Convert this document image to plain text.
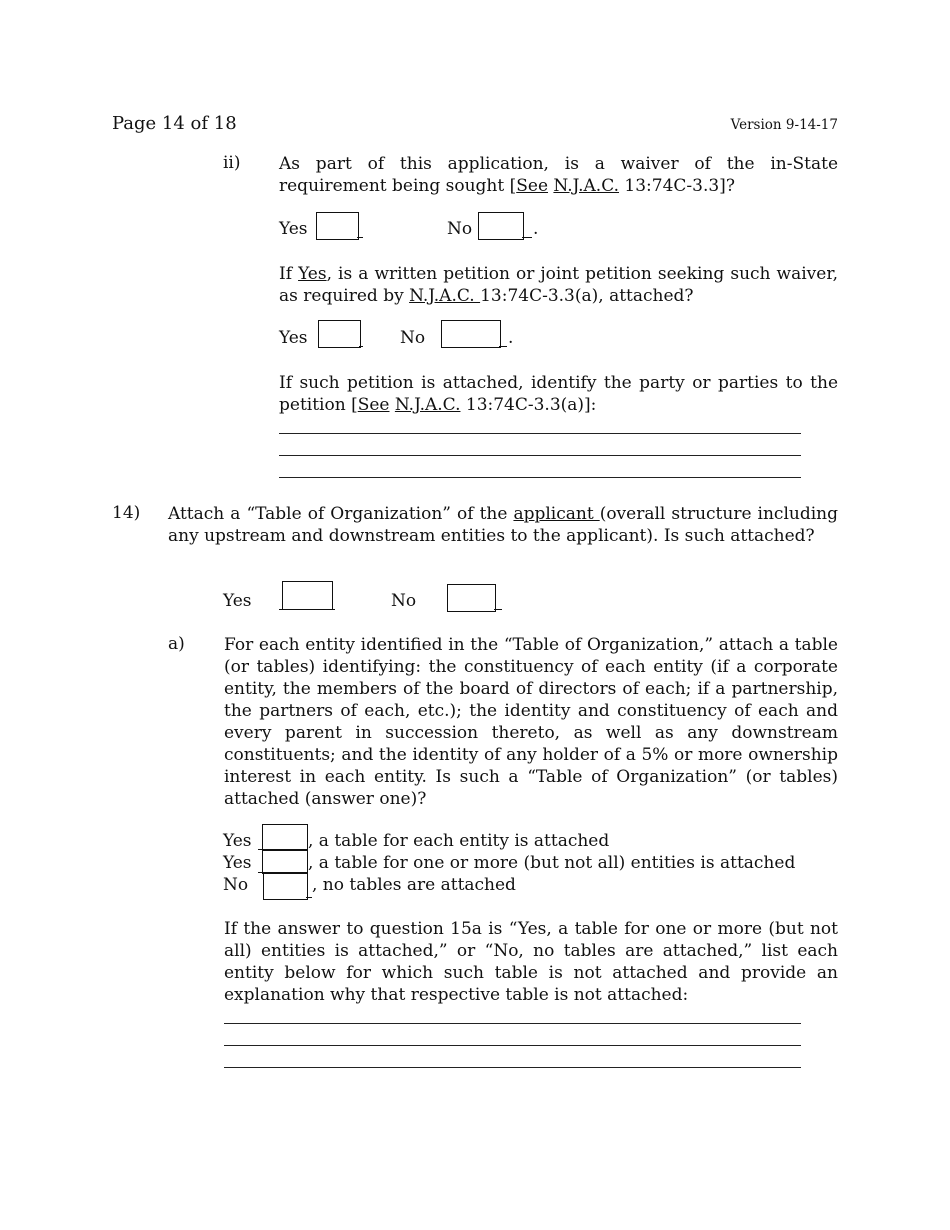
Page 14 of 18	Version 9-14-17
ii) As part of this application, is a waiver of the in-State requirement being sought [See N.J.A.C. 13:74C-3.3]?
Yes	No	.
If Yes, is a written petition or joint petition seeking such waiver, as required by N.J.A.C. 13:74C-3.3(a), attached?
Yes	No	.
If such petition is attached, identify the party or parties to the petition [See N.J.A.C. 13:74C-3.3(a)]:
14) Attach a “Table of Organization” of the applicant (overall structure including any upstream and downstream entities to the applicant). Is such attached?
Yes	No
a) For each entity identified in the “Table of Organization,” attach a table (or tables) identifying: the constituency of each entity (if a corporate entity, the members of the board of directors of each; if a partnership, the partners of each, etc.); the identity and constituency of each and every parent in succession thereto, as well as any downstream constituents; and the identity of any holder of a 5% or more ownership interest in each entity. Is such a “Table of Organization” (or tables) attached (answer one)?
Yes	, a table for each entity is attached
Yes	, a table for one or more (but not all) entities is attached
No	, no tables are attached
If the answer to question 15a is “Yes, a table for one or more (but not all) entities is attached,” or “No, no tables are attached,” list each entity below for which such table is not attached and provide an explanation why that respective table is not attached:
